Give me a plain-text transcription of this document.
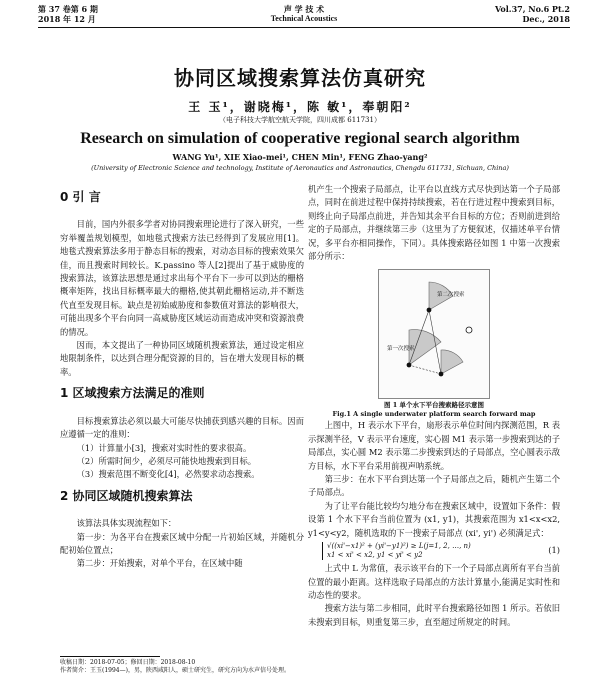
第 37 卷第 6 期
2018 年 12 月
声 学 技 术
Technical Acoustics
Vol.37, No.6 Pt.2
Dec., 2018
协同区域搜索算法仿真研究
王 玉¹，谢晓梅¹，陈 敏¹，奉朝阳²
（电子科技大学航空航天学院，四川成都 611731）
Research on simulation of cooperative regional search algorithm
WANG Yu¹, XIE Xiao-mei¹, CHEN Min¹, FENG Zhao-yang²
(University of Electronic Science and technology, Institute of Aeronautics and Astronautics, Chengdu 611731, Sichuan, China)
0 引 言

目前，国内外很多学者对协同搜索理论进行了深入研究，一些穷举覆盖规划模型，如地毯式搜索方法已经得到了发展应用[1]。地毯式搜索算法多用于静态目标的搜索，对动态目标的搜索效果欠佳，而且搜索时间较长。K.passino 等人[2]提出了基于威胁度的搜索算法，该算法思想是通过求出每个平台下一步可以到达的栅格概率矩阵，找出目标概率最大的栅格,使其朝此栅格运动,并不断迭代直至发现目标。缺点是初始威胁度和参数值对算法的影响很大，可能出现多个平台向同一高威胁度区域运动而造成冲突和资源浪费的情况。

因而，本文提出了一种协同区域随机搜索算法，通过设定相应地限制条件，以达到合理分配资源的目的，旨在增大发现目标的概率。

1 区域搜索方法满足的准则

目标搜索算法必须以最大可能尽快捕获到感兴趣的目标。因而应遵循一定的准则：

（1）计算量小[3]，搜索对实时性的要求很高。

（2）所需时间少，必须尽可能快地搜索到目标。

（3）搜索范围不断变化[4]，必然要求动态搜索。

2 协同区域随机搜索算法

该算法具体实现流程如下：

第一步：为各平台在搜索区域中分配一片初始区域，并随机分配初始位置点；

第二步：开始搜索，对单个平台，在区域中随

收稿日期：2018-07-05；修回日期：2018-08-10
作者简介：王玉(1994—)，男，陕西咸阳人，硕士研究生，研究方向为水声信号处理。

机产生一个搜索子局部点，让平台以直线方式尽快到达第一个子局部点，同时在前进过程中保持持续搜索，若在行进过程中搜索到目标，则终止向子局部点前进，并告知其余平台目标的方位；否则前进到给定的子局部点，并继续第三步（这里为了方便叙述，仅描述单平台情况，多平台亦相同操作，下同）。具体搜索路径如图 1 中第一次搜索部分所示：

第二次搜索
第一次搜索
图 1 单个水下平台搜索路径示意图
Fig.1 A single underwater platform search forward map

上图中，H 表示水下平台，扇形表示单位时间内探测范围，R 表示探测半径，V 表示平台速度，实心圆 M1 表示第一步搜索到达的子局部点，实心圆 M2 表示第二步搜索到达的子局部点，空心圆表示敌方目标，水下平台采用前视声呐系统。

第三步：在水下平台到达第一个子局部点之后，随机产生第二个子局部点。

为了让平台能比较均匀地分布在搜索区域中，设置如下条件：假设第 1 个水下平台当前位置为 (x1, y1)，其搜索范围为 x1<x<x2, y1<y<y2，随机选取的下一搜索子局部点 (xi', yi') 必须满足式：

√((xi'−x1)² + (yi'−y1)²) ≥ L(j=1, 2, …, n)
x1 < xi' < x2, y1 < yi' < y2	(1)

上式中 L 为常值，表示该平台的下一个子局部点离所有平台当前位置的最小距离。这样选取子局部点的方法计算量小,能满足实时性和动态性的要求。

搜索方法与第二步相同，此时平台搜索路径如图 1 所示。若依旧未搜索到目标，则重复第三步，直至超过所规定的时间。
